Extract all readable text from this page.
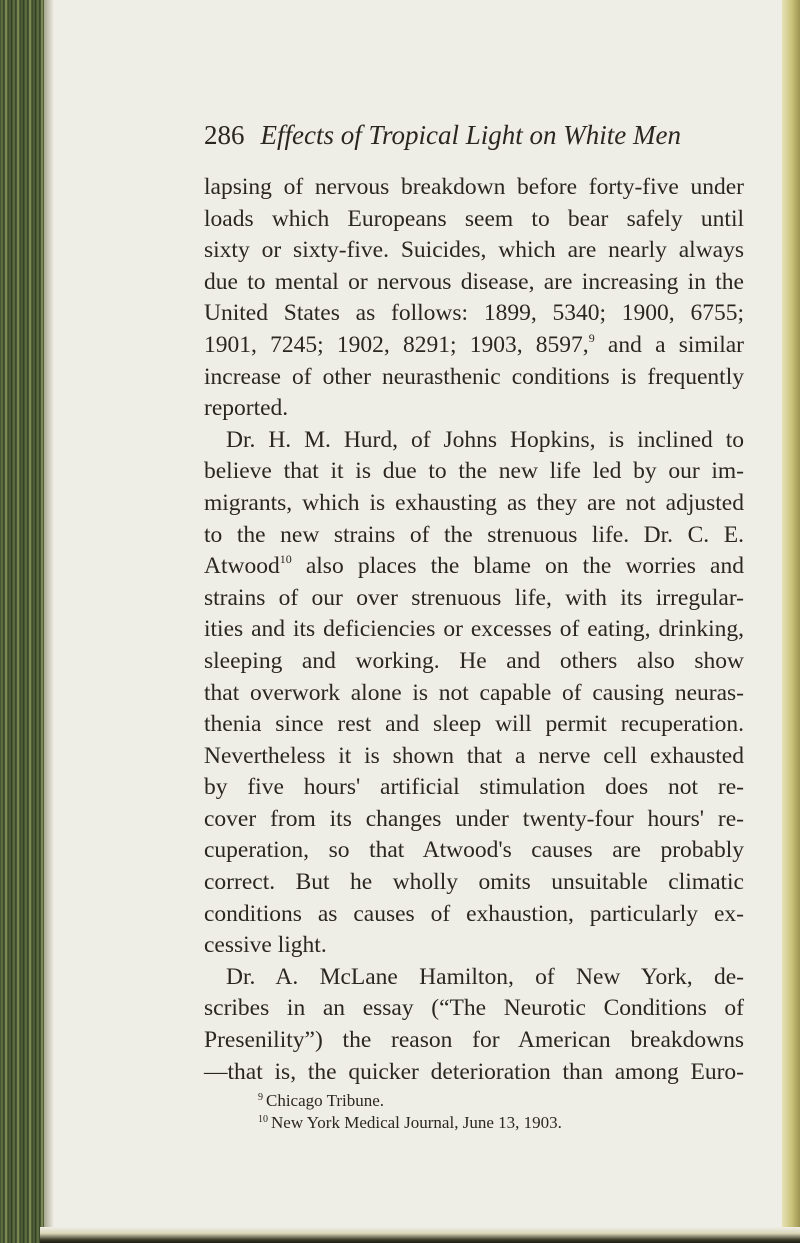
286 Effects of Tropical Light on White Men
lapsing of nervous breakdown before forty-five under
loads which Europeans seem to bear safely until
sixty or sixty-five. Suicides, which are nearly always
due to mental or nervous disease, are increasing in the
United States as follows: 1899, 5340; 1900, 6755;
1901, 7245; 1902, 8291; 1903, 8597,$^9$ and a similar
increase of other neurasthenic conditions is frequently
reported.
Dr. H. M. Hurd, of Johns Hopkins, is inclined to
believe that it is due to the new life led by our im-
migrants, which is exhausting as they are not adjusted
to the new strains of the strenuous life. Dr. C. E.
Atwood$^{10}$ also places the blame on the worries and
strains of our over strenuous life, with its irregular-
ities and its deficiencies or excesses of eating, drinking,
sleeping and working. He and others also show
that overwork alone is not capable of causing neuras-
thenia since rest and sleep will permit recuperation.
Nevertheless it is shown that a nerve cell exhausted
by five hours' artificial stimulation does not re-
cover from its changes under twenty-four hours' re-
cuperation, so that Atwood's causes are probably
correct. But he wholly omits unsuitable climatic
conditions as causes of exhaustion, particularly ex-
cessive light.
Dr. A. McLane Hamilton, of New York, de-
scribes in an essay (“The Neurotic Conditions of
Presenility”) the reason for American breakdowns
—that is, the quicker deterioration than among Euro-
$^9$ Chicago Tribune.
$^{10}$ New York Medical Journal, June 13, 1903.
